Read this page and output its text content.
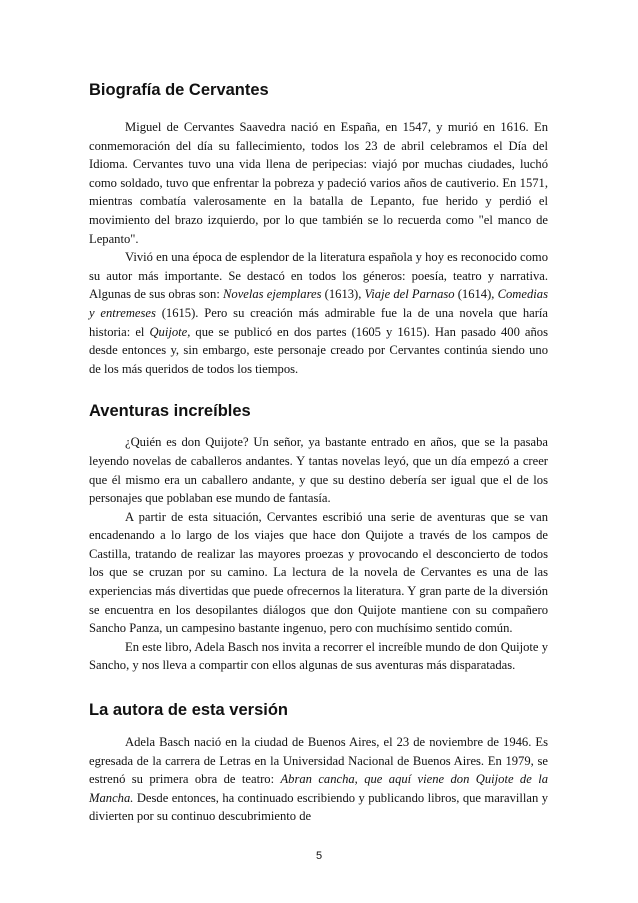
Biografía de Cervantes

Miguel de Cervantes Saavedra nació en España, en 1547, y murió en 1616. En conmemoración del día su fallecimiento, todos los 23 de abril celebramos el Día del Idioma. Cervantes tuvo una vida llena de peripecias: viajó por muchas ciudades, luchó como soldado, tuvo que enfrentar la pobreza y padeció varios años de cautiverio. En 1571, mientras combatía valerosamente en la batalla de Lepanto, fue herido y perdió el movimiento del brazo izquierdo, por lo que también se lo recuerda como "el manco de Lepanto".

Vivió en una época de esplendor de la literatura española y hoy es reconocido como su autor más importante. Se destacó en todos los géneros: poesía, teatro y narrativa. Algunas de sus obras son: Novelas ejemplares (1613), Viaje del Parnaso (1614), Comedias y entremeses (1615). Pero su creación más admirable fue la de una novela que haría historia: el Quijote, que se publicó en dos partes (1605 y 1615). Han pasado 400 años desde entonces y, sin embargo, este personaje creado por Cervantes continúa siendo uno de los más queridos de todos los tiempos.

Aventuras increíbles

¿Quién es don Quijote? Un señor, ya bastante entrado en años, que se la pasaba leyendo novelas de caballeros andantes. Y tantas novelas leyó, que un día empezó a creer que él mismo era un caballero andante, y que su destino debería ser igual que el de los personajes que poblaban ese mundo de fantasía.

A partir de esta situación, Cervantes escribió una serie de aventuras que se van encadenando a lo largo de los viajes que hace don Quijote a través de los campos de Castilla, tratando de realizar las mayores proezas y provocando el desconcierto de todos los que se cruzan por su camino. La lectura de la novela de Cervantes es una de las experiencias más divertidas que puede ofrecernos la literatura. Y gran parte de la diversión se encuentra en los desopilantes diálogos que don Quijote mantiene con su compañero Sancho Panza, un campesino bastante ingenuo, pero con muchísimo sentido común.

En este libro, Adela Basch nos invita a recorrer el increíble mundo de don Quijote y Sancho, y nos lleva a compartir con ellos algunas de sus aventuras más disparatadas.

La autora de esta versión

Adela Basch nació en la ciudad de Buenos Aires, el 23 de noviembre de 1946. Es egresada de la carrera de Letras en la Universidad Nacional de Buenos Aires. En 1979, se estrenó su primera obra de teatro: Abran cancha, que aquí viene don Quijote de la Mancha. Desde entonces, ha continuado escribiendo y publicando libros, que maravillan y divierten por su continuo descubrimiento de

5
